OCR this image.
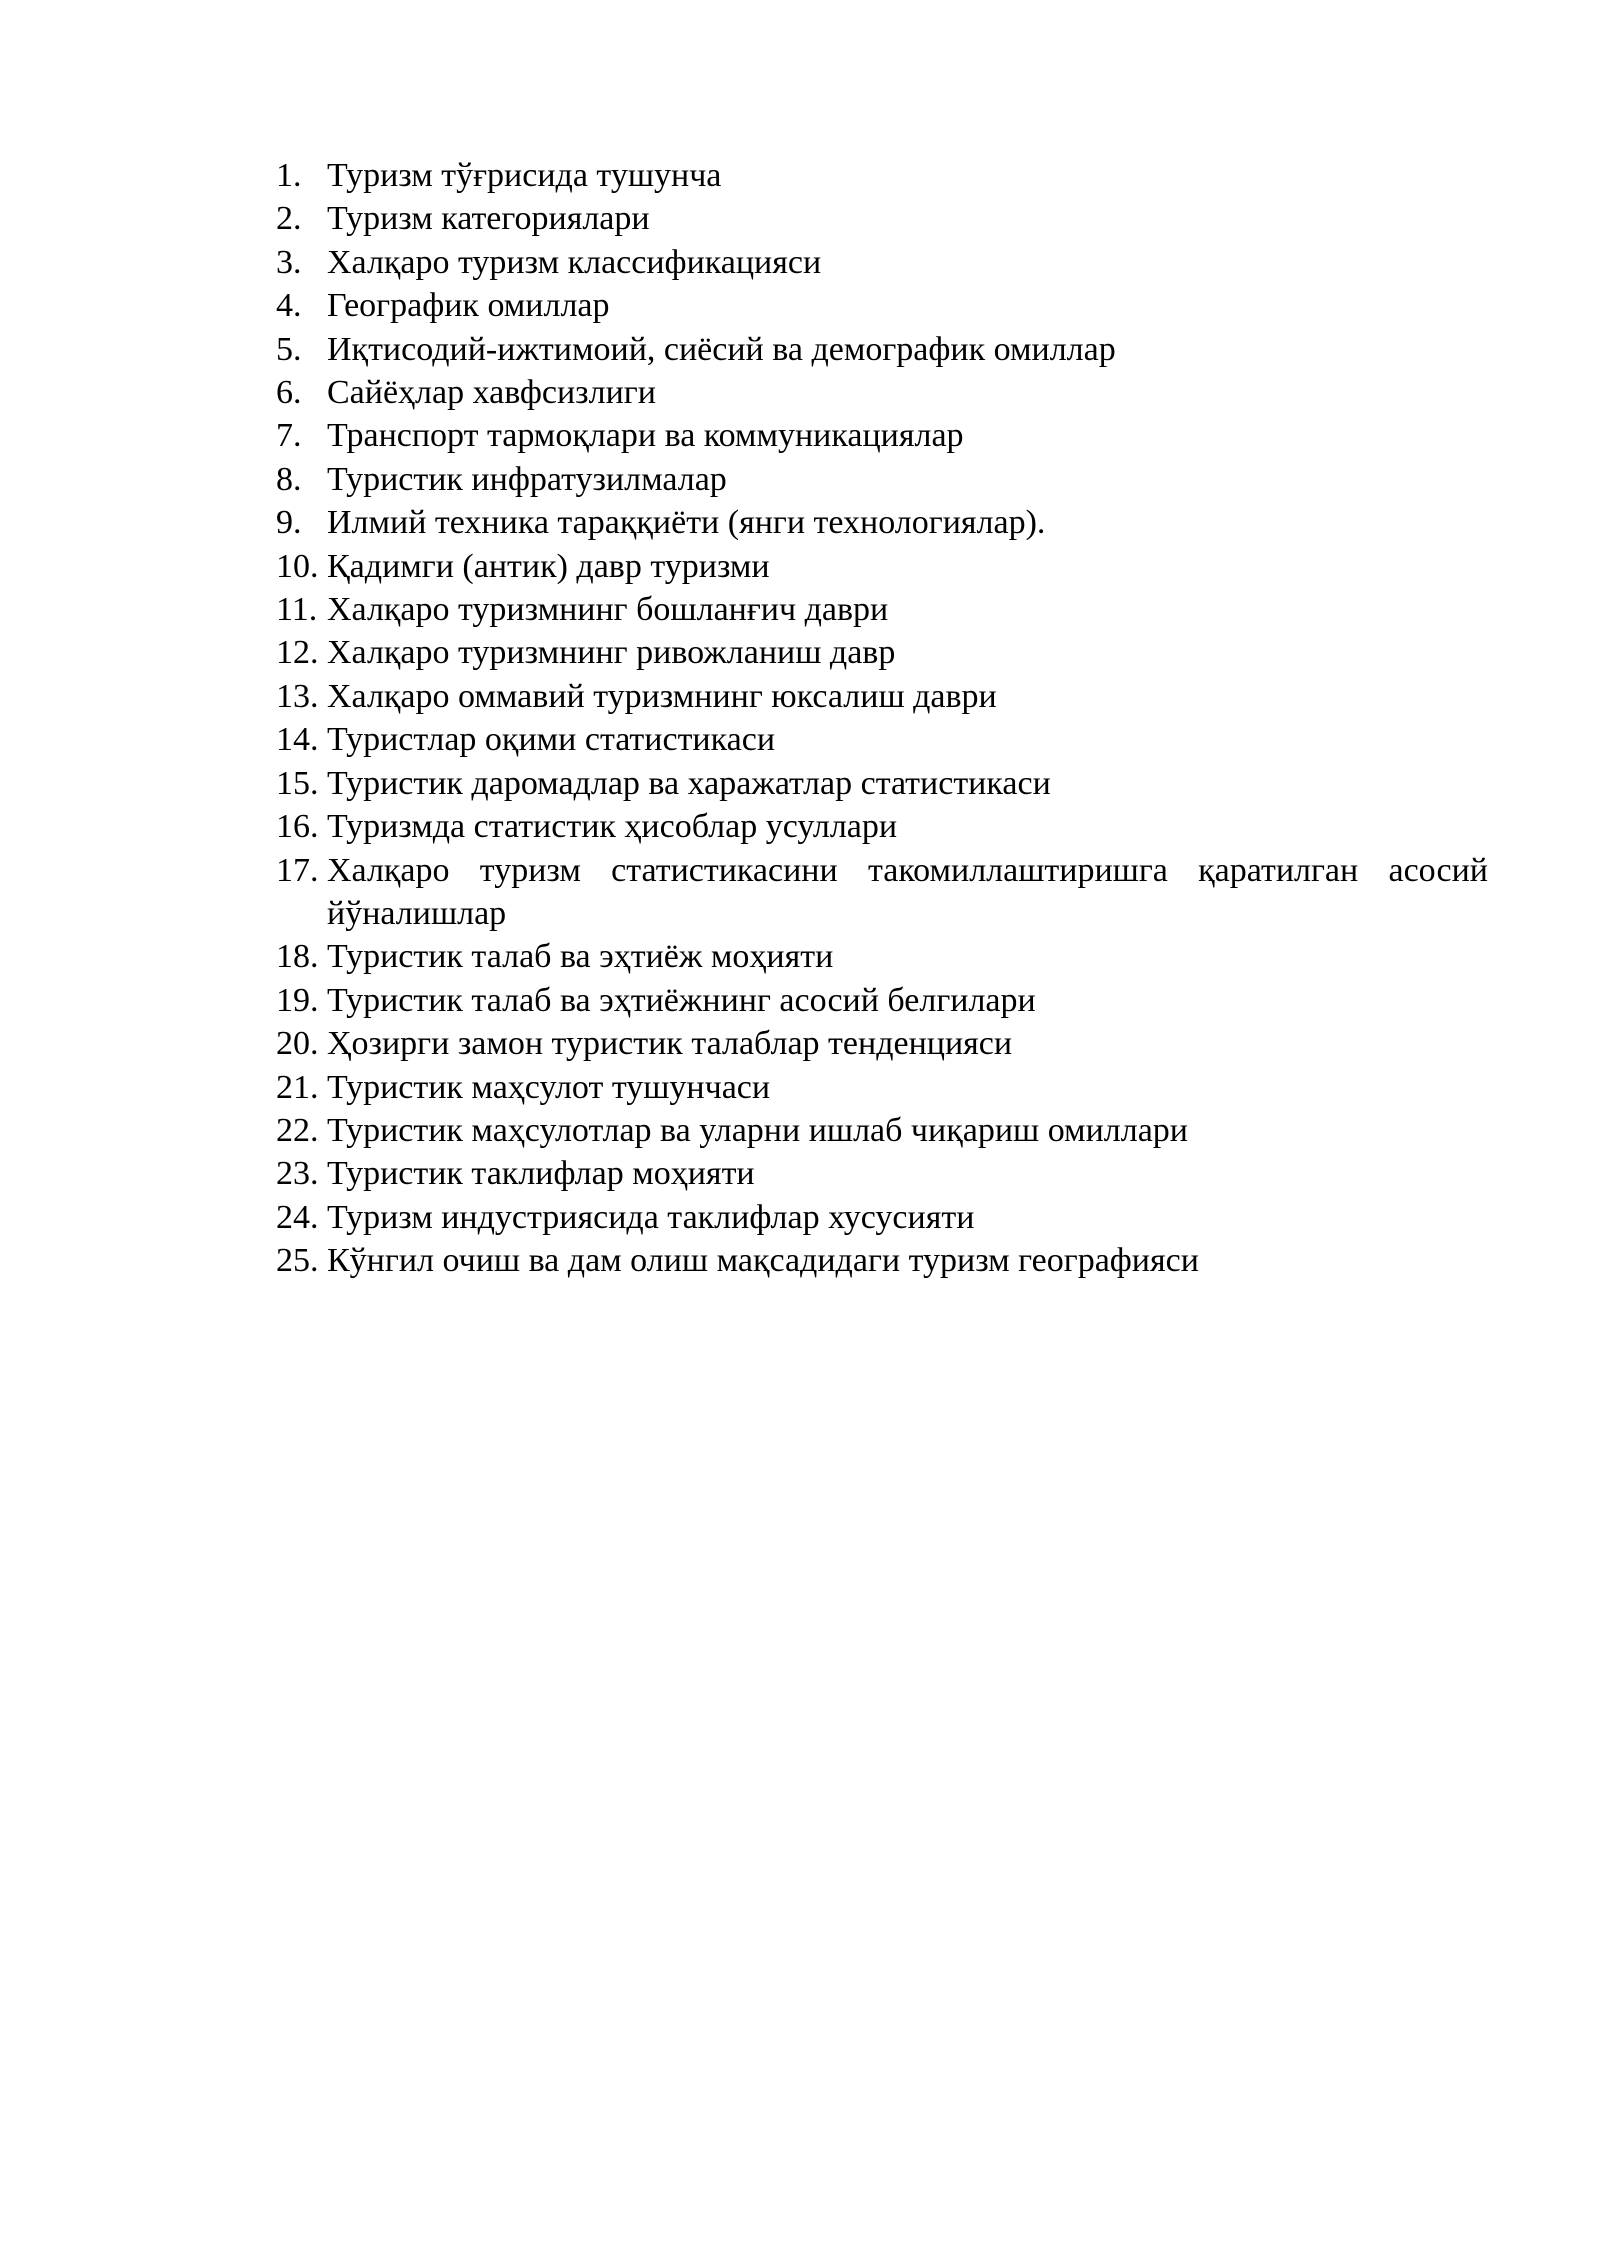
1. Туризм тўғрисида тушунча
2. Туризм категориялари
3. Халқаро туризм классификацияси
4. Географик омиллар
5. Иқтисодий-ижтимоий, сиёсий ва демографик омиллар
6. Сайёҳлар хавфсизлиги
7. Транспорт тармоқлари ва коммуникациялар
8. Туристик инфратузилмалар
9. Илмий техника тараққиёти (янги технологиялар).
10. Қадимги (антик) давр туризми
11. Халқаро туризмнинг бошланғич даври
12. Халқаро туризмнинг ривожланиш давр
13. Халқаро оммавий туризмнинг юксалиш даври
14. Туристлар оқими статистикаси
15. Туристик даромадлар ва харажатлар статистикаси
16. Туризмда статистик ҳисоблар усуллари
17. Халқаро туризм статистикасини такомиллаштиришга қаратилган асосий йўналишлар
18. Туристик талаб ва эҳтиёж моҳияти
19. Туристик талаб ва эҳтиёжнинг асосий белгилари
20. Ҳозирги замон туристик талаблар тенденцияси
21. Туристик маҳсулот тушунчаси
22. Туристик маҳсулотлар ва уларни ишлаб чиқариш омиллари
23. Туристик таклифлар моҳияти
24. Туризм индустриясида таклифлар хусусияти
25. Кўнгил очиш ва дам олиш мақсадидаги туризм географияси
